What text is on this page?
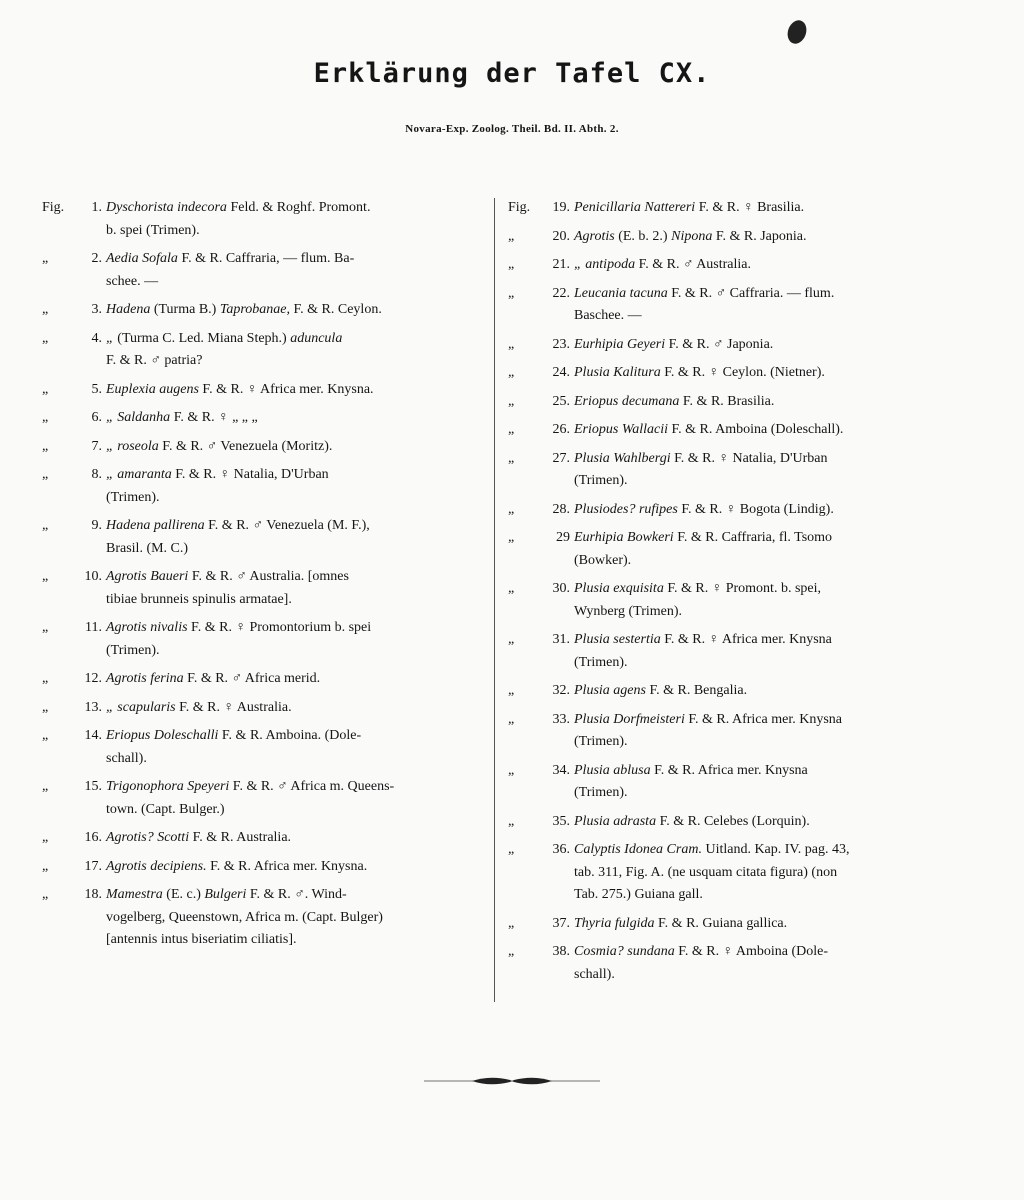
Erklärung der Tafel CX.
Novara-Exp. Zoolog. Theil. Bd. II. Abth. 2.
Fig.	1. Dyschorista indecora Feld. & Roghf. Promont.
b. spei (Trimen).
„	2. Aedia Sofala F. & R. Caffraria, — flum. Ba-
schee. —
„	3. Hadena (Turma B.) Taprobanae, F. & R. Ceylon.
„	4. „ (Turma C. Led. Miana Steph.) aduncula
F. & R. ♂ patria?
„	5. Euplexia augens F. & R. ♀ Africa mer. Knysna.
„	6. „ Saldanha F. & R. ♀ „ „ „
„	7. „ roseola F. & R. ♂ Venezuela (Moritz).
„	8. „ amaranta F. & R. ♀ Natalia, D'Urban
(Trimen).
„	9. Hadena pallirena F. & R. ♂ Venezuela (M. F.),
Brasil. (M. C.)
„	10. Agrotis Baueri F. & R. ♂ Australia. [omnes
tibiae brunneis spinulis armatae].
„	11. Agrotis nivalis F. & R. ♀ Promontorium b. spei
(Trimen).
„	12. Agrotis ferina F. & R. ♂ Africa merid.
„	13. „ scapularis F. & R. ♀ Australia.
„	14. Eriopus Doleschalli F. & R. Amboina. (Dole-
schall).
„	15. Trigonophora Speyeri F. & R. ♂ Africa m. Queens-
town. (Capt. Bulger.)
„	16. Agrotis? Scotti F. & R. Australia.
„	17. Agrotis decipiens. F. & R. Africa mer. Knysna.
„	18. Mamestra (E. c.) Bulgeri F. & R. ♂. Wind-
vogelberg, Queenstown, Africa m. (Capt. Bulger)
[antennis intus biseriatim ciliatis].
Fig.	19. Penicillaria Nattereri F. & R. ♀ Brasilia.
„	20. Agrotis (E. b. 2.) Nipona F. & R. Japonia.
„	21. „ antipoda F. & R. ♂ Australia.
„	22. Leucania tacuna F. & R. ♂ Caffraria. — flum.
Baschee. —
„	23. Eurhipia Geyeri F. & R. ♂ Japonia.
„	24. Plusia Kalitura F. & R. ♀ Ceylon. (Nietner).
„	25. Eriopus decumana F. & R. Brasilia.
„	26. Eriopus Wallacii F. & R. Amboina (Doleschall).
„	27. Plusia Wahlbergi F. & R. ♀ Natalia, D'Urban
(Trimen).
„	28. Plusiodes? rufipes F. & R. ♀ Bogota (Lindig).
„	29 Eurhipia Bowkeri F. & R. Caffraria, fl. Tsomo
(Bowker).
„	30. Plusia exquisita F. & R. ♀ Promont. b. spei,
Wynberg (Trimen).
„	31. Plusia sestertia F. & R. ♀ Africa mer. Knysna
(Trimen).
„	32. Plusia agens F. & R. Bengalia.
„	33. Plusia Dorfmeisteri F. & R. Africa mer. Knysna
(Trimen).
„	34. Plusia ablusa F. & R. Africa mer. Knysna
(Trimen).
„	35. Plusia adrasta F. & R. Celebes (Lorquin).
„	36. Calyptis Idonea Cram. Uitland. Kap. IV. pag. 43,
tab. 311, Fig. A. (ne usquam citata figura) (non
Tab. 275.) Guiana gall.
„	37. Thyria fulgida F. & R. Guiana gallica.
„	38. Cosmia? sundana F. & R. ♀ Amboina (Dole-
schall).
